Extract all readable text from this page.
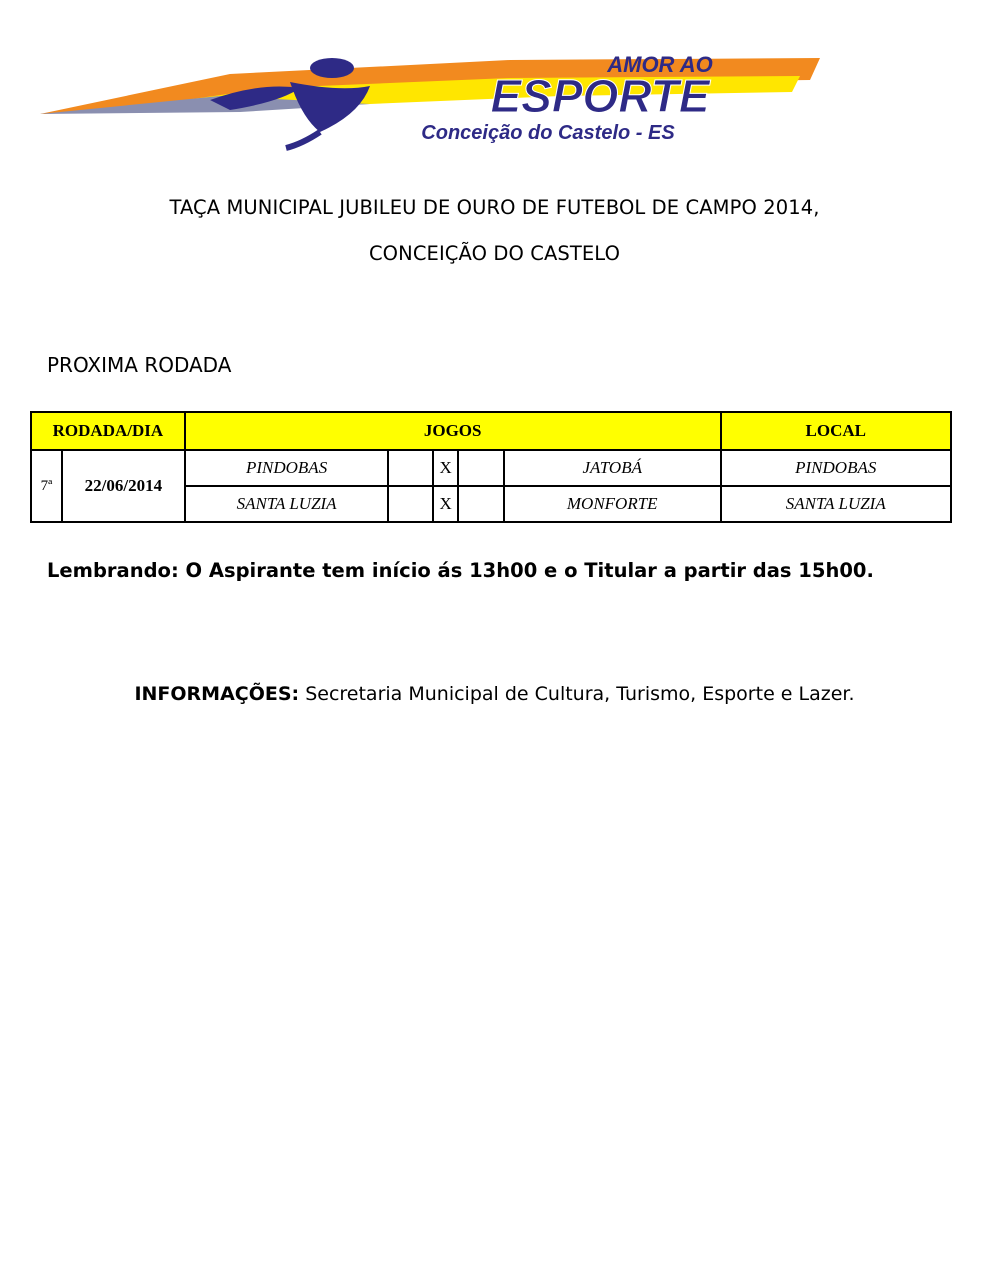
AMOR AO
ESPORTE
Conceição do Castelo - ES
TAÇA MUNICIPAL JUBILEU DE OURO DE FUTEBOL DE CAMPO 2014,
CONCEIÇÃO DO CASTELO
PROXIMA RODADA
RODADA/DIA		JOGOS					LOCAL
7ª	22/06/2014	PINDOBAS		X		JATOBÁ	PINDOBAS
		SANTA LUZIA		X		MONFORTE	SANTA LUZIA
Lembrando: O Aspirante tem início ás 13h00 e o Titular a partir das 15h00.
INFORMAÇÕES: Secretaria Municipal de Cultura, Turismo, Esporte e Lazer.
